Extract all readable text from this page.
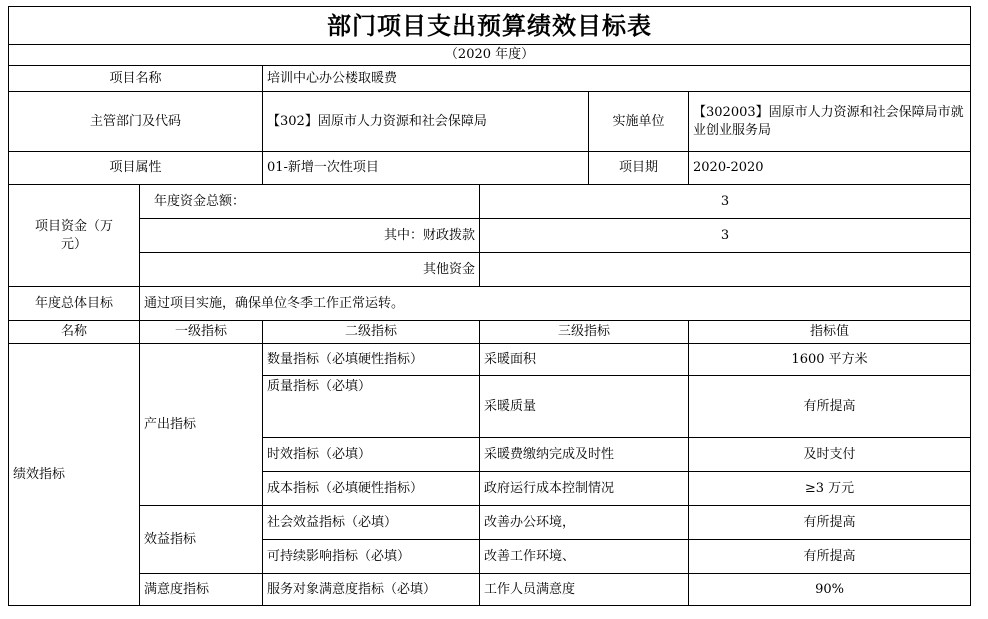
部门项目支出预算绩效目标表					
（2020 年度）					
项目名称		培训中心办公楼取暖费			
主管部门及代码		【302】固原市人力资源和社会保障局		实施单位	【302003】固原市人力资源和社会保障局市就业创业服务局
项目属性		01-新增一次性项目		项目期	2020-2020
项目资金（万元）	年度资金总额：		3		
	其中：财政拨款		3		
	其他资金				
年度总体目标	通过项目实施，确保单位冬季工作正常运转。				
名称	一级指标	二级指标	三级指标		指标值
绩效指标	产出指标	数量指标（必填硬性指标）	采暖面积		1600 平方米
		质量指标（必填）	采暖质量		有所提高
		时效指标（必填）	采暖费缴纳完成及时性		及时支付
		成本指标（必填硬性指标）	政府运行成本控制情况		≥3 万元
	效益指标	社会效益指标（必填）	改善办公环境，		有所提高
		可持续影响指标（必填）	改善工作环境、		有所提高
	满意度指标	服务对象满意度指标（必填）	工作人员满意度		90%
